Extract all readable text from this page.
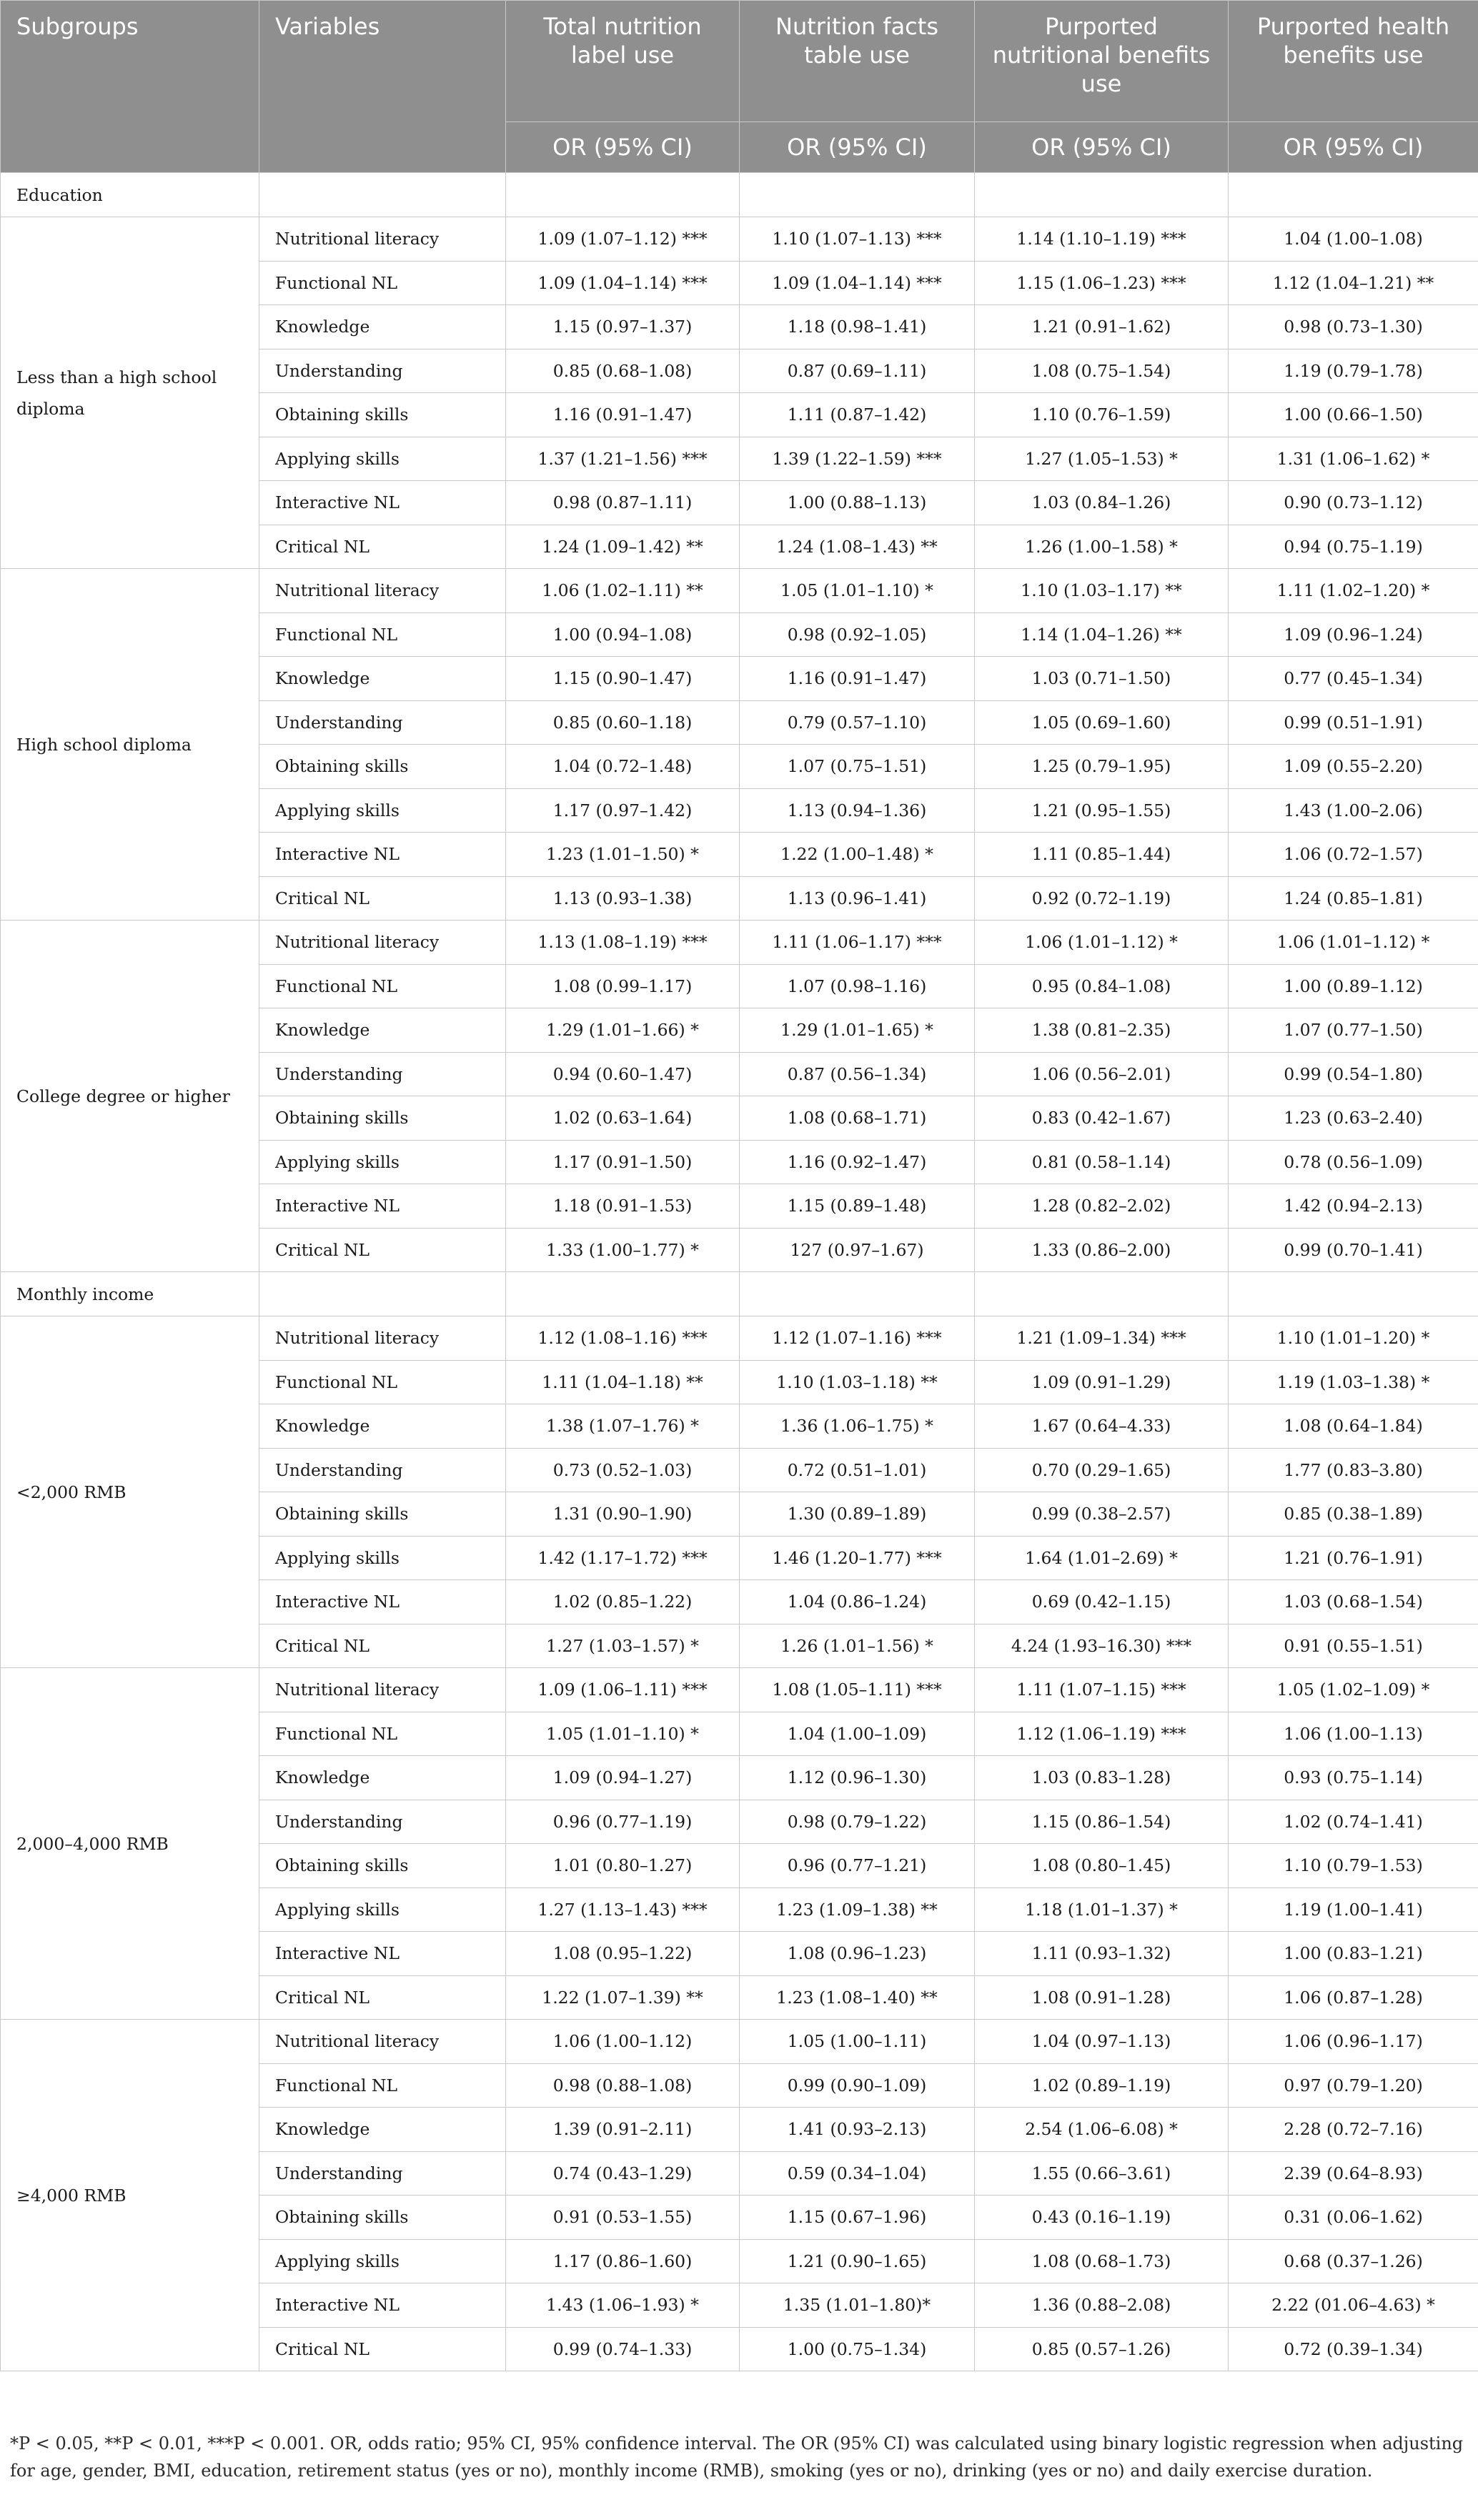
Subgroups	Variables	Total nutrition label use	Nutrition facts table use	Purported nutritional benefits use	Purported health benefits use
		OR (95% CI)	OR (95% CI)	OR (95% CI)	OR (95% CI)
Education					
Less than a high school diploma	Nutritional literacy	1.09 (1.07–1.12) ***	1.10 (1.07–1.13) ***	1.14 (1.10–1.19) ***	1.04 (1.00–1.08)
	Functional NL	1.09 (1.04–1.14) ***	1.09 (1.04–1.14) ***	1.15 (1.06–1.23) ***	1.12 (1.04–1.21) **
	Knowledge	1.15 (0.97–1.37)	1.18 (0.98–1.41)	1.21 (0.91–1.62)	0.98 (0.73–1.30)
	Understanding	0.85 (0.68–1.08)	0.87 (0.69–1.11)	1.08 (0.75–1.54)	1.19 (0.79–1.78)
	Obtaining skills	1.16 (0.91–1.47)	1.11 (0.87–1.42)	1.10 (0.76–1.59)	1.00 (0.66–1.50)
	Applying skills	1.37 (1.21–1.56) ***	1.39 (1.22–1.59) ***	1.27 (1.05–1.53) *	1.31 (1.06–1.62) *
	Interactive NL	0.98 (0.87–1.11)	1.00 (0.88–1.13)	1.03 (0.84–1.26)	0.90 (0.73–1.12)
	Critical NL	1.24 (1.09–1.42) **	1.24 (1.08–1.43) **	1.26 (1.00–1.58) *	0.94 (0.75–1.19)
High school diploma	Nutritional literacy	1.06 (1.02–1.11) **	1.05 (1.01–1.10) *	1.10 (1.03–1.17) **	1.11 (1.02–1.20) *
	Functional NL	1.00 (0.94–1.08)	0.98 (0.92–1.05)	1.14 (1.04–1.26) **	1.09 (0.96–1.24)
	Knowledge	1.15 (0.90–1.47)	1.16 (0.91–1.47)	1.03 (0.71–1.50)	0.77 (0.45–1.34)
	Understanding	0.85 (0.60–1.18)	0.79 (0.57–1.10)	1.05 (0.69–1.60)	0.99 (0.51–1.91)
	Obtaining skills	1.04 (0.72–1.48)	1.07 (0.75–1.51)	1.25 (0.79–1.95)	1.09 (0.55–2.20)
	Applying skills	1.17 (0.97–1.42)	1.13 (0.94–1.36)	1.21 (0.95–1.55)	1.43 (1.00–2.06)
	Interactive NL	1.23 (1.01–1.50) *	1.22 (1.00–1.48) *	1.11 (0.85–1.44)	1.06 (0.72–1.57)
	Critical NL	1.13 (0.93–1.38)	1.13 (0.96–1.41)	0.92 (0.72–1.19)	1.24 (0.85–1.81)
College degree or higher	Nutritional literacy	1.13 (1.08–1.19) ***	1.11 (1.06–1.17) ***	1.06 (1.01–1.12) *	1.06 (1.01–1.12) *
	Functional NL	1.08 (0.99–1.17)	1.07 (0.98–1.16)	0.95 (0.84–1.08)	1.00 (0.89–1.12)
	Knowledge	1.29 (1.01–1.66) *	1.29 (1.01–1.65) *	1.38 (0.81–2.35)	1.07 (0.77–1.50)
	Understanding	0.94 (0.60–1.47)	0.87 (0.56–1.34)	1.06 (0.56–2.01)	0.99 (0.54–1.80)
	Obtaining skills	1.02 (0.63–1.64)	1.08 (0.68–1.71)	0.83 (0.42–1.67)	1.23 (0.63–2.40)
	Applying skills	1.17 (0.91–1.50)	1.16 (0.92–1.47)	0.81 (0.58–1.14)	0.78 (0.56–1.09)
	Interactive NL	1.18 (0.91–1.53)	1.15 (0.89–1.48)	1.28 (0.82–2.02)	1.42 (0.94–2.13)
	Critical NL	1.33 (1.00–1.77) *	127 (0.97–1.67)	1.33 (0.86–2.00)	0.99 (0.70–1.41)
Monthly income					
<2,000 RMB	Nutritional literacy	1.12 (1.08–1.16) ***	1.12 (1.07–1.16) ***	1.21 (1.09–1.34) ***	1.10 (1.01–1.20) *
	Functional NL	1.11 (1.04–1.18) **	1.10 (1.03–1.18) **	1.09 (0.91–1.29)	1.19 (1.03–1.38) *
	Knowledge	1.38 (1.07–1.76) *	1.36 (1.06–1.75) *	1.67 (0.64–4.33)	1.08 (0.64–1.84)
	Understanding	0.73 (0.52–1.03)	0.72 (0.51–1.01)	0.70 (0.29–1.65)	1.77 (0.83–3.80)
	Obtaining skills	1.31 (0.90–1.90)	1.30 (0.89–1.89)	0.99 (0.38–2.57)	0.85 (0.38–1.89)
	Applying skills	1.42 (1.17–1.72) ***	1.46 (1.20–1.77) ***	1.64 (1.01–2.69) *	1.21 (0.76–1.91)
	Interactive NL	1.02 (0.85–1.22)	1.04 (0.86–1.24)	0.69 (0.42–1.15)	1.03 (0.68–1.54)
	Critical NL	1.27 (1.03–1.57) *	1.26 (1.01–1.56) *	4.24 (1.93–16.30) ***	0.91 (0.55–1.51)
2,000–4,000 RMB	Nutritional literacy	1.09 (1.06–1.11) ***	1.08 (1.05–1.11) ***	1.11 (1.07–1.15) ***	1.05 (1.02–1.09) *
	Functional NL	1.05 (1.01–1.10) *	1.04 (1.00–1.09)	1.12 (1.06–1.19) ***	1.06 (1.00–1.13)
	Knowledge	1.09 (0.94–1.27)	1.12 (0.96–1.30)	1.03 (0.83–1.28)	0.93 (0.75–1.14)
	Understanding	0.96 (0.77–1.19)	0.98 (0.79–1.22)	1.15 (0.86–1.54)	1.02 (0.74–1.41)
	Obtaining skills	1.01 (0.80–1.27)	0.96 (0.77–1.21)	1.08 (0.80–1.45)	1.10 (0.79–1.53)
	Applying skills	1.27 (1.13–1.43) ***	1.23 (1.09–1.38) **	1.18 (1.01–1.37) *	1.19 (1.00–1.41)
	Interactive NL	1.08 (0.95–1.22)	1.08 (0.96–1.23)	1.11 (0.93–1.32)	1.00 (0.83–1.21)
	Critical NL	1.22 (1.07–1.39) **	1.23 (1.08–1.40) **	1.08 (0.91–1.28)	1.06 (0.87–1.28)
≥4,000 RMB	Nutritional literacy	1.06 (1.00–1.12)	1.05 (1.00–1.11)	1.04 (0.97–1.13)	1.06 (0.96–1.17)
	Functional NL	0.98 (0.88–1.08)	0.99 (0.90–1.09)	1.02 (0.89–1.19)	0.97 (0.79–1.20)
	Knowledge	1.39 (0.91–2.11)	1.41 (0.93–2.13)	2.54 (1.06–6.08) *	2.28 (0.72–7.16)
	Understanding	0.74 (0.43–1.29)	0.59 (0.34–1.04)	1.55 (0.66–3.61)	2.39 (0.64–8.93)
	Obtaining skills	0.91 (0.53–1.55)	1.15 (0.67–1.96)	0.43 (0.16–1.19)	0.31 (0.06–1.62)
	Applying skills	1.17 (0.86–1.60)	1.21 (0.90–1.65)	1.08 (0.68–1.73)	0.68 (0.37–1.26)
	Interactive NL	1.43 (1.06–1.93) *	1.35 (1.01–1.80)*	1.36 (0.88–2.08)	2.22 (01.06–4.63) *
	Critical NL	0.99 (0.74–1.33)	1.00 (0.75–1.34)	0.85 (0.57–1.26)	0.72 (0.39–1.34)
*P < 0.05, **P < 0.01, ***P < 0.001. OR, odds ratio; 95% CI, 95% confidence interval. The OR (95% CI) was calculated using binary logistic regression when adjusting for age, gender, BMI, education, retirement status (yes or no), monthly income (RMB), smoking (yes or no), drinking (yes or no) and daily exercise duration.
